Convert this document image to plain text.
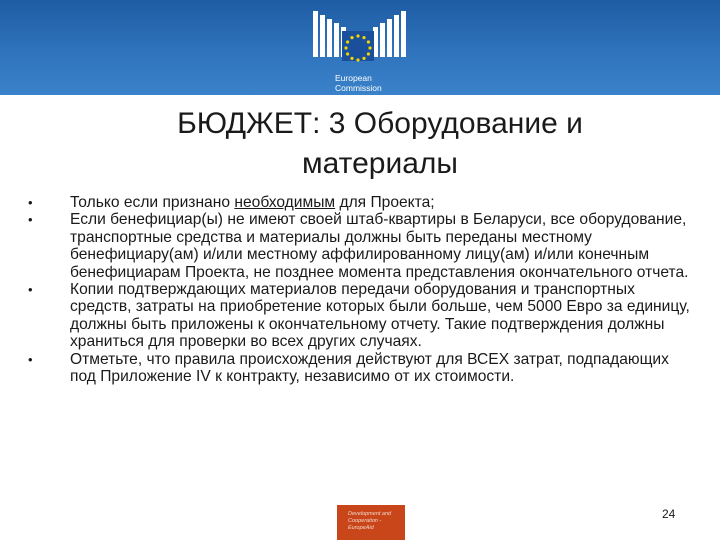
European
Commission
БЮДЖЕТ: 3 Оборудование и материалы
• Только если признано необходимым для Проекта;
• Если бенефициар(ы) не имеют своей штаб-квартиры в Беларуси, все оборудование, транспортные средства и материалы должны быть переданы местному бенефициару(ам) и/или местному аффилированному лицу(ам) и/или конечным бенефициарам Проекта, не позднее момента представления окончательного отчета.
• Копии подтверждающих материалов передачи оборудования и транспортных средств, затраты на приобретение которых были больше, чем 5000 Евро за единицу, должны быть приложены к окончательному отчету. Такие подтверждения должны храниться для проверки во всех других случаях.
• Отметьте, что правила происхождения действуют для ВСЕХ затрат, подпадающих под Приложение IV к контракту, независимо от их стоимости.
Development and
Cooperation -
EuropeAid
24
